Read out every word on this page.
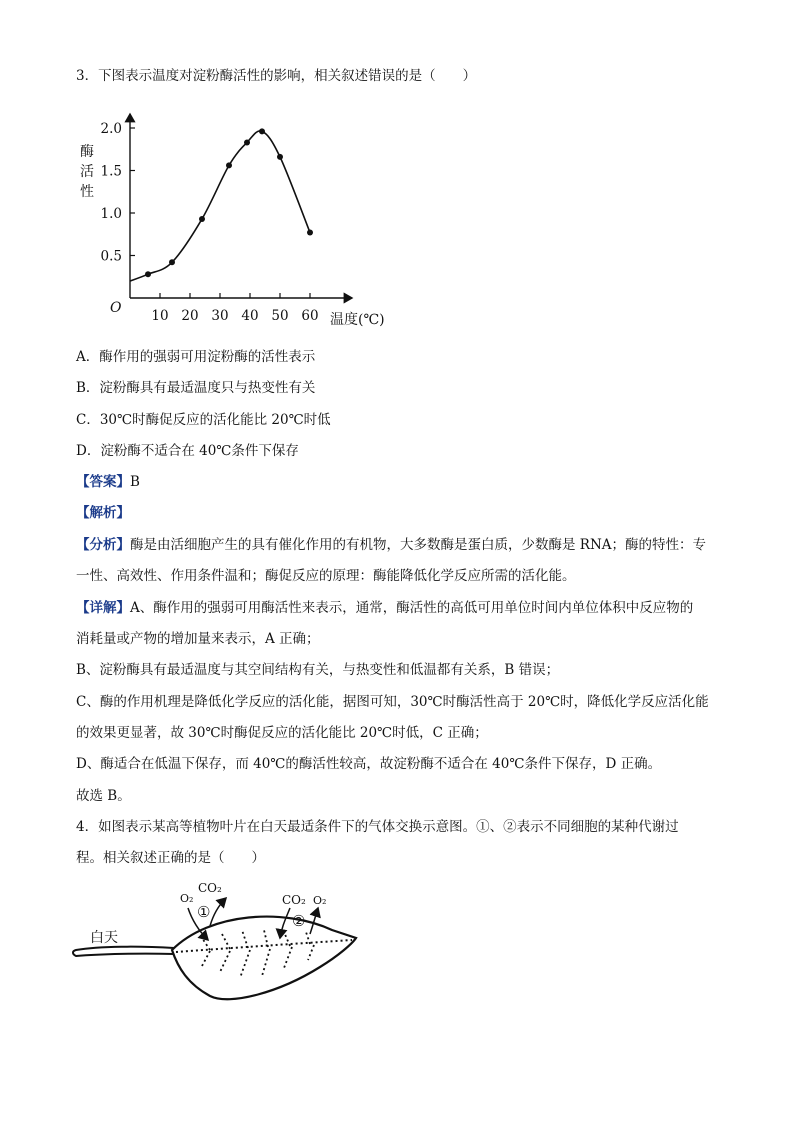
3．下图表示温度对淀粉酶活性的影响，相关叙述错误的是（　　）
O
温度(℃)
酶活性
10 20 30 40 50 60
0.5
1.0
1.5
2.0
A．酶作用的强弱可用淀粉酶的活性表示
B．淀粉酶具有最适温度只与热变性有关
C．30℃时酶促反应的活化能比 20℃时低
D．淀粉酶不适合在 40℃条件下保存
【答案】B
【解析】
【分析】酶是由活细胞产生的具有催化作用的有机物，大多数酶是蛋白质，少数酶是 RNA；酶的特性：专
一性、高效性、作用条件温和；酶促反应的原理：酶能降低化学反应所需的活化能。
【详解】A、酶作用的强弱可用酶活性来表示，通常，酶活性的高低可用单位时间内单位体积中反应物的
消耗量或产物的增加量来表示，A 正确；
B、淀粉酶具有最适温度与其空间结构有关，与热变性和低温都有关系，B 错误；
C、酶的作用机理是降低化学反应的活化能，据图可知，30℃时酶活性高于 20℃时，降低化学反应活化能
的效果更显著，故 30℃时酶促反应的活化能比 20℃时低，C 正确；
D、酶适合在低温下保存，而 40℃的酶活性较高，故淀粉酶不适合在 40℃条件下保存，D 正确。
故选 B。
4．如图表示某高等植物叶片在白天最适条件下的气体交换示意图。①、②表示不同细胞的某种代谢过
程。相关叙述正确的是（　　）
白天
O₂
CO₂
①
CO₂ O₂
②
